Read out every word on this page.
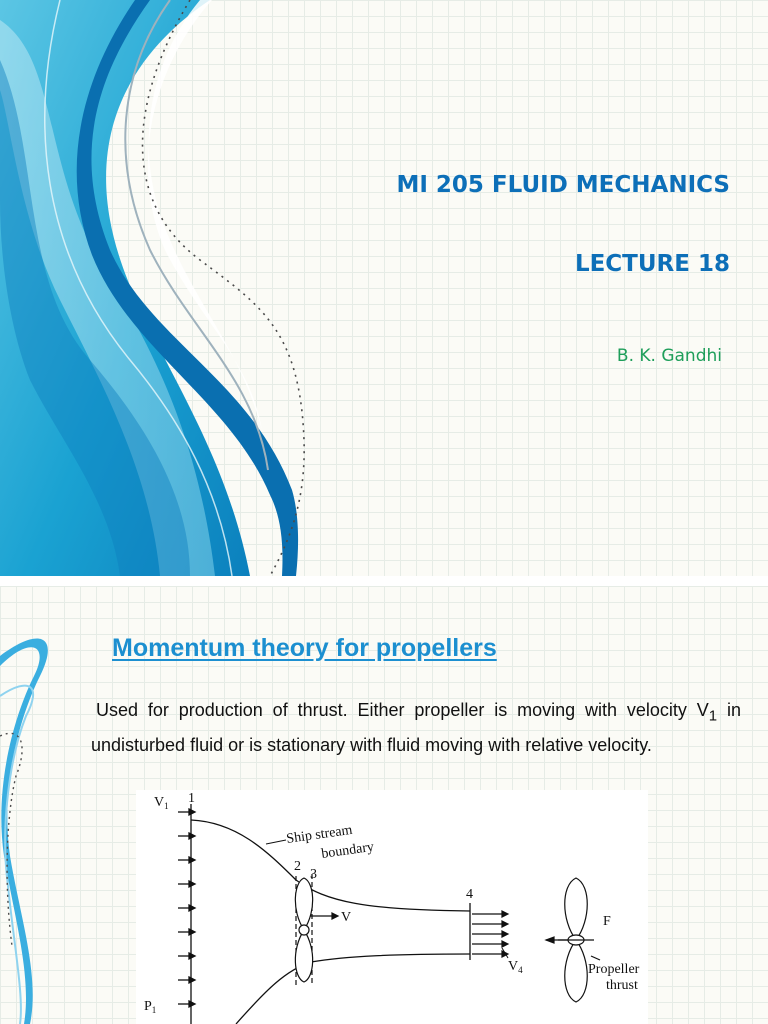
MI 205 FLUID MECHANICS

LECTURE 18

B. K. Gandhi

Momentum theory for propellers

Used for production of thrust. Either propeller is moving with velocity $V_1$ in undisturbed fluid or is stationary with fluid moving with relative velocity.

$V_1$ 1
Ship stream
boundary
2
3
V
4
$V_4$
$P_1$
F
Propeller
thrust
